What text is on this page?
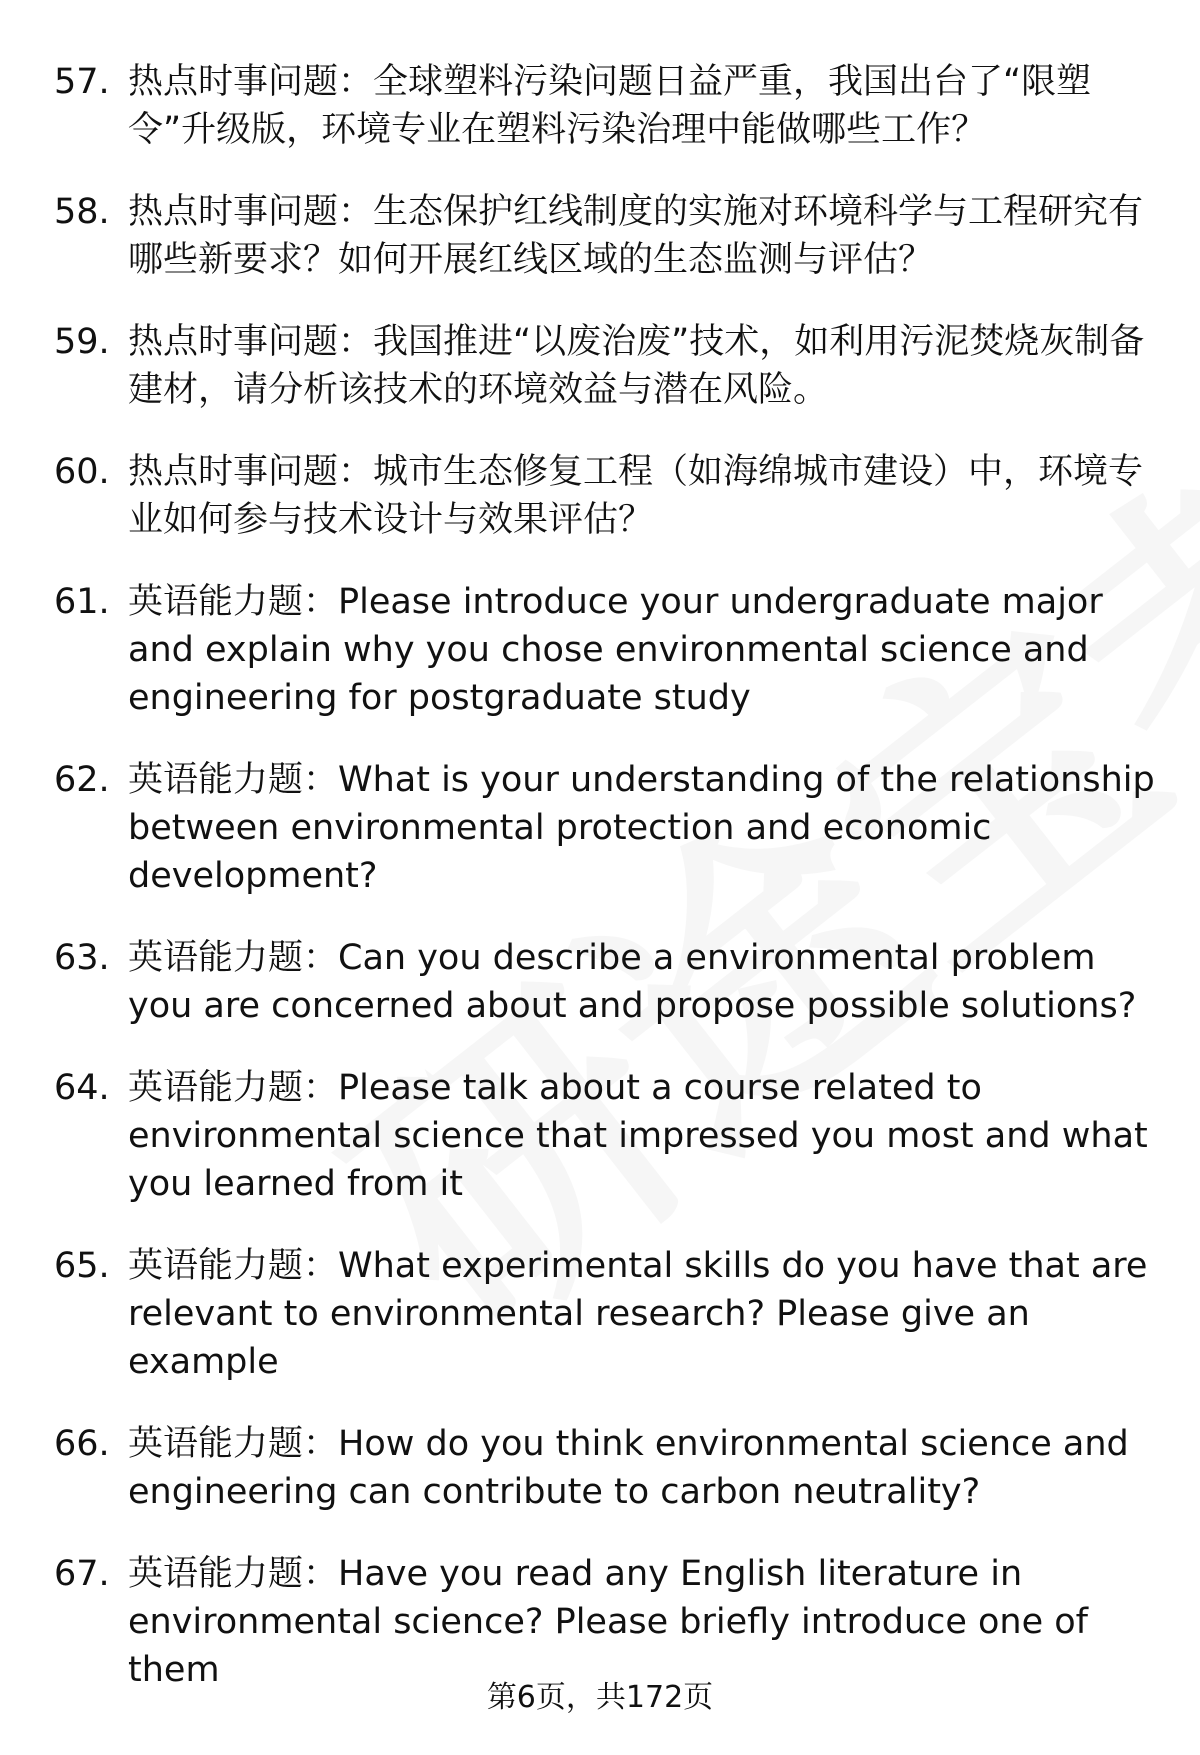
57. 热点时事问题：全球塑料污染问题日益严重，我国出台了“限塑令”升级版，环境专业在塑料污染治理中能做哪些工作？
58. 热点时事问题：生态保护红线制度的实施对环境科学与工程研究有哪些新要求？如何开展红线区域的生态监测与评估？
59. 热点时事问题：我国推进“以废治废”技术，如利用污泥焚烧灰制备建材，请分析该技术的环境效益与潜在风险。
60. 热点时事问题：城市生态修复工程（如海绵城市建设）中，环境专业如何参与技术设计与效果评估？
61. 英语能力题：Please introduce your undergraduate major and explain why you chose environmental science and engineering for postgraduate study
62. 英语能力题：What is your understanding of the relationship between environmental protection and economic development?
63. 英语能力题：Can you describe a environmental problem you are concerned about and propose possible solutions?
64. 英语能力题：Please talk about a course related to environmental science that impressed you most and what you learned from it
65. 英语能力题：What experimental skills do you have that are relevant to environmental research? Please give an example
66. 英语能力题：How do you think environmental science and engineering can contribute to carbon neutrality?
67. 英语能力题：Have you read any English literature in environmental science? Please briefly introduce one of them
第6页，共172页
